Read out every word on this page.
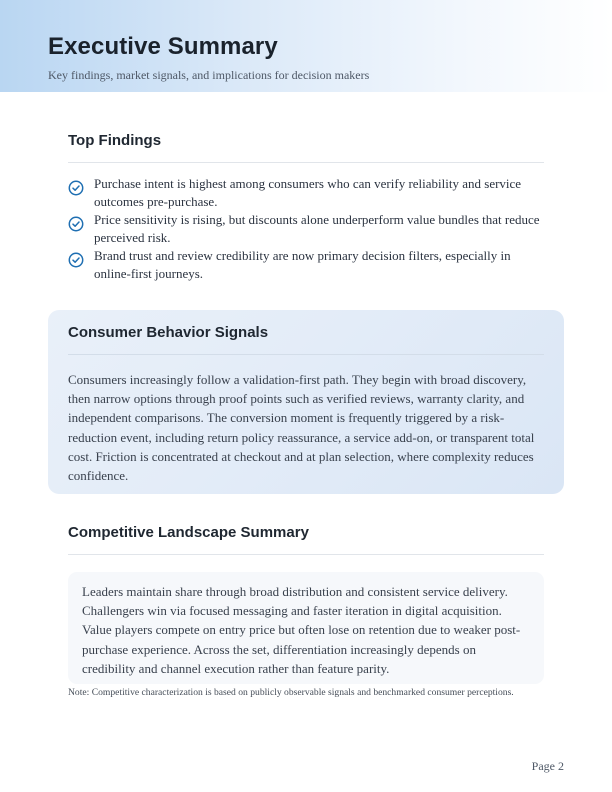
Executive Summary

Key findings, market signals, and implications for decision makers

Top Findings
Purchase intent is highest among consumers who can verify reliability and service outcomes pre-purchase.
Price sensitivity is rising, but discounts alone underperform value bundles that reduce perceived risk.
Brand trust and review credibility are now primary decision filters, especially in online-first journeys.
Consumer Behavior Signals

Consumers increasingly follow a validation-first path. They begin with broad discovery, then narrow options through proof points such as verified reviews, warranty clarity, and independent comparisons. The conversion moment is frequently triggered by a risk-reduction event, including return policy reassurance, a service add-on, or transparent total cost. Friction is concentrated at checkout and at plan selection, where complexity reduces confidence.

Competitive Landscape Summary

Leaders maintain share through broad distribution and consistent service delivery. Challengers win via focused messaging and faster iteration in digital acquisition. Value players compete on entry price but often lose on retention due to weaker post-purchase experience. Across the set, differentiation increasingly depends on credibility and channel execution rather than feature parity.

Note: Competitive characterization is based on publicly observable signals and benchmarked consumer perceptions.

Page 2
